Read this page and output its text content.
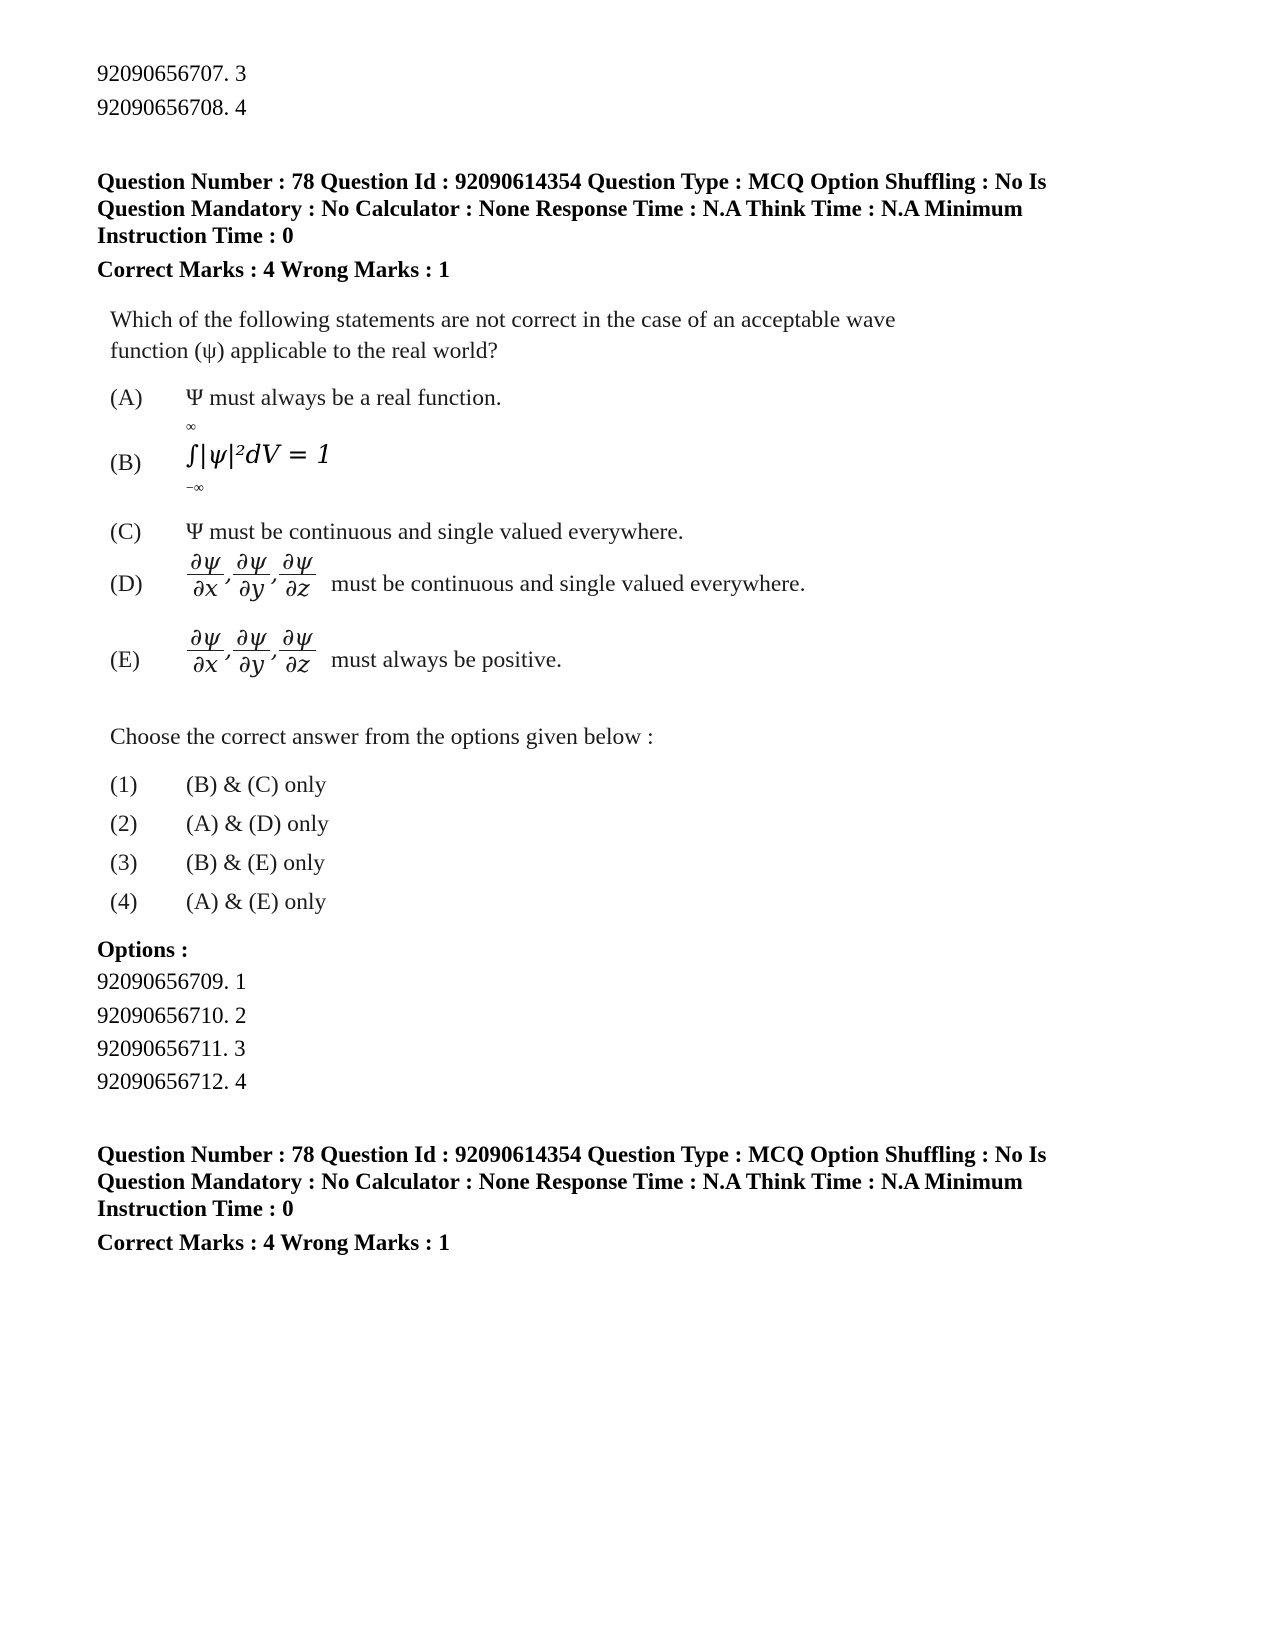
92090656707. 3
92090656708. 4
Question Number : 78 Question Id : 92090614354 Question Type : MCQ Option Shuffling : No Is
Question Mandatory : No Calculator : None Response Time : N.A Think Time : N.A Minimum
Instruction Time : 0
Correct Marks : 4 Wrong Marks : 1
Which of the following statements are not correct in the case of an acceptable wave
function (ψ) applicable to the real world?
(A) Ψ must always be a real function.
(B)
∞
∫|ψ|²dV = 1
−∞
(C) Ψ must be continuous and single valued everywhere.
$(D) \frac{\partial\psi}{\partial x}$ , $\frac{\partial\psi}{\partial y}$ , $\frac{\partial\psi}{\partial z}$ must be continuous and single valued everywhere.
$(E) \frac{\partial\psi}{\partial x}$ , $\frac{\partial\psi}{\partial y}$ , $\frac{\partial\psi}{\partial z}$ must always be positive.
Choose the correct answer from the options given below :
(1) (B) & (C) only
(2) (A) & (D) only
(3) (B) & (E) only
(4) (A) & (E) only
Options :
92090656709. 1
92090656710. 2
92090656711. 3
92090656712. 4
Question Number : 78 Question Id : 92090614354 Question Type : MCQ Option Shuffling : No Is
Question Mandatory : No Calculator : None Response Time : N.A Think Time : N.A Minimum
Instruction Time : 0
Correct Marks : 4 Wrong Marks : 1
